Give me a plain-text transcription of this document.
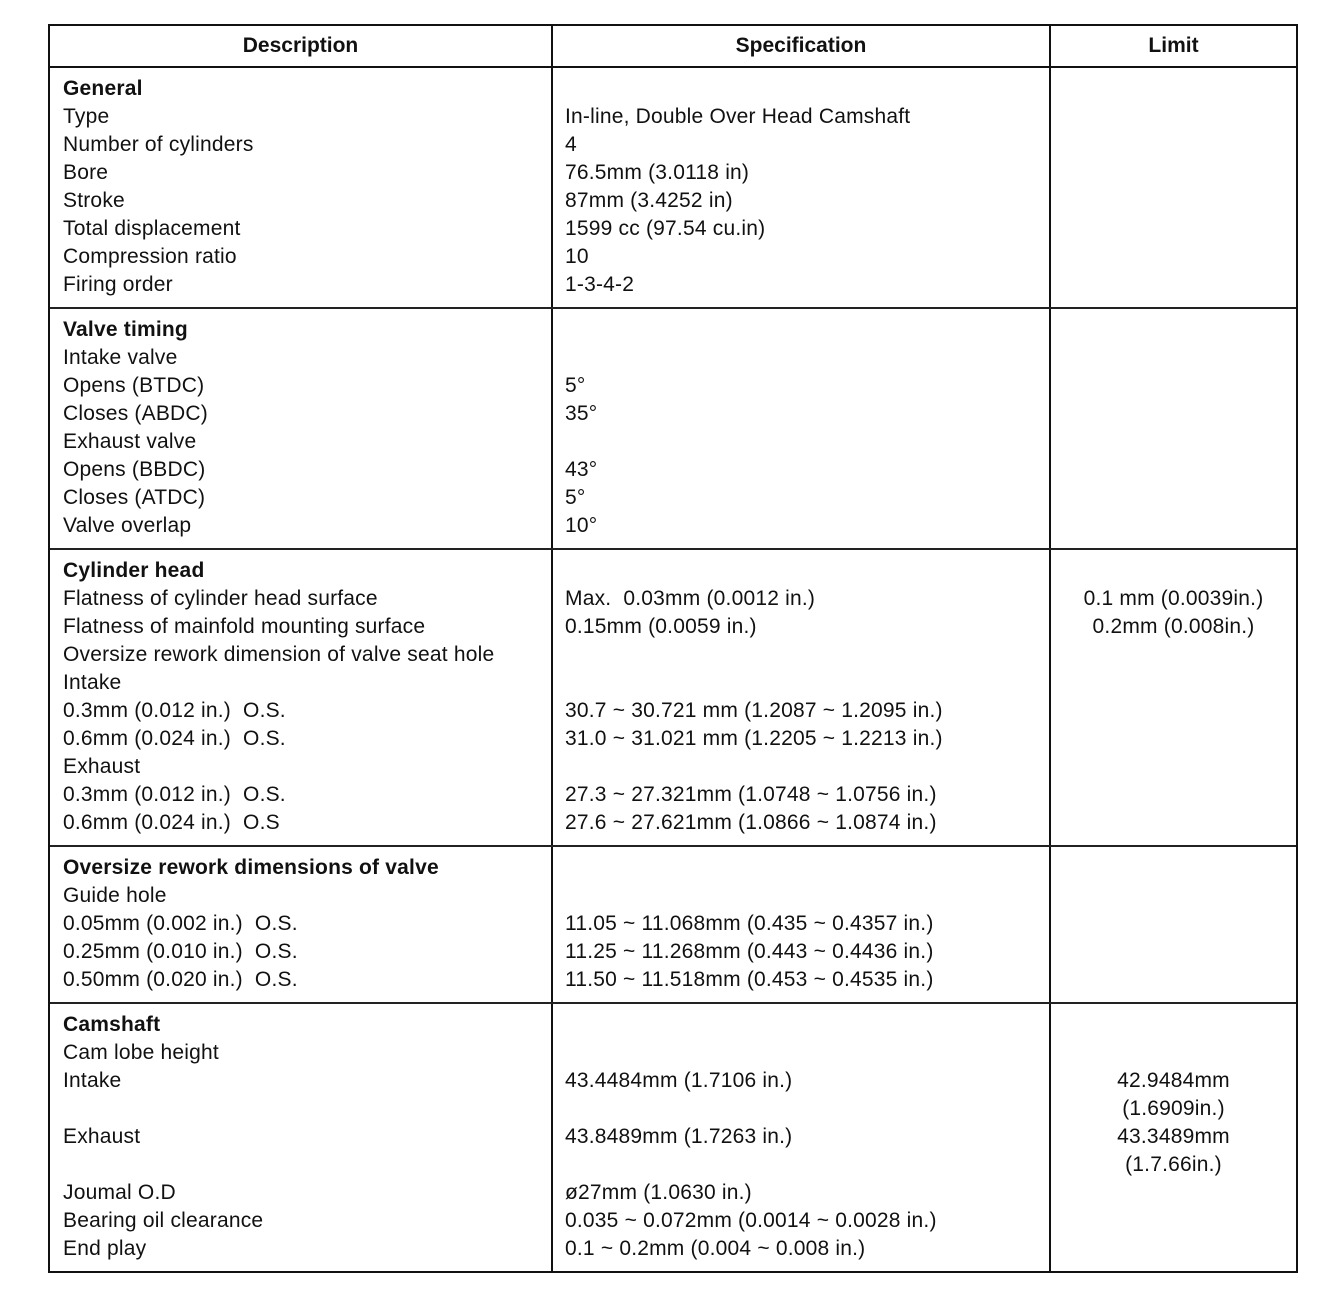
Description	Specification	Limit
General
Type
Number of cylinders
Bore
Stroke
Total displacement
Compression ratio
Firing order
In-line, Double Over Head Camshaft
4
76.5mm (3.0118 in)
87mm (3.4252 in)
1599 cc (97.54 cu.in)
10
1-3-4-2
Valve timing
Intake valve
Opens (BTDC)
Closes (ABDC)
Exhaust valve
Opens (BBDC)
Closes (ATDC)
Valve overlap
5°
35°
43°
5°
10°
Cylinder head
Flatness of cylinder head surface
Flatness of mainfold mounting surface
Oversize rework dimension of valve seat hole
Intake
0.3mm (0.012 in.)  O.S.
0.6mm (0.024 in.)  O.S.
Exhaust
0.3mm (0.012 in.)  O.S.
0.6mm (0.024 in.)  O.S
Max.  0.03mm (0.0012 in.)
0.15mm (0.0059 in.)
30.7 ~ 30.721 mm (1.2087 ~ 1.2095 in.)
31.0 ~ 31.021 mm (1.2205 ~ 1.2213 in.)
27.3 ~ 27.321mm (1.0748 ~ 1.0756 in.)
27.6 ~ 27.621mm (1.0866 ~ 1.0874 in.)
0.1 mm (0.0039in.)
0.2mm (0.008in.)
Oversize rework dimensions of valve
Guide hole
0.05mm (0.002 in.)  O.S.
0.25mm (0.010 in.)  O.S.
0.50mm (0.020 in.)  O.S.
11.05 ~ 11.068mm (0.435 ~ 0.4357 in.)
11.25 ~ 11.268mm (0.443 ~ 0.4436 in.)
11.50 ~ 11.518mm (0.453 ~ 0.4535 in.)
Camshaft
Cam lobe height
Intake
Exhaust
Joumal O.D
Bearing oil clearance
End play
43.4484mm (1.7106 in.)
43.8489mm (1.7263 in.)
ø27mm (1.0630 in.)
0.035 ~ 0.072mm (0.0014 ~ 0.0028 in.)
0.1 ~ 0.2mm (0.004 ~ 0.008 in.)
42.9484mm
(1.6909in.)
43.3489mm
(1.7.66in.)
